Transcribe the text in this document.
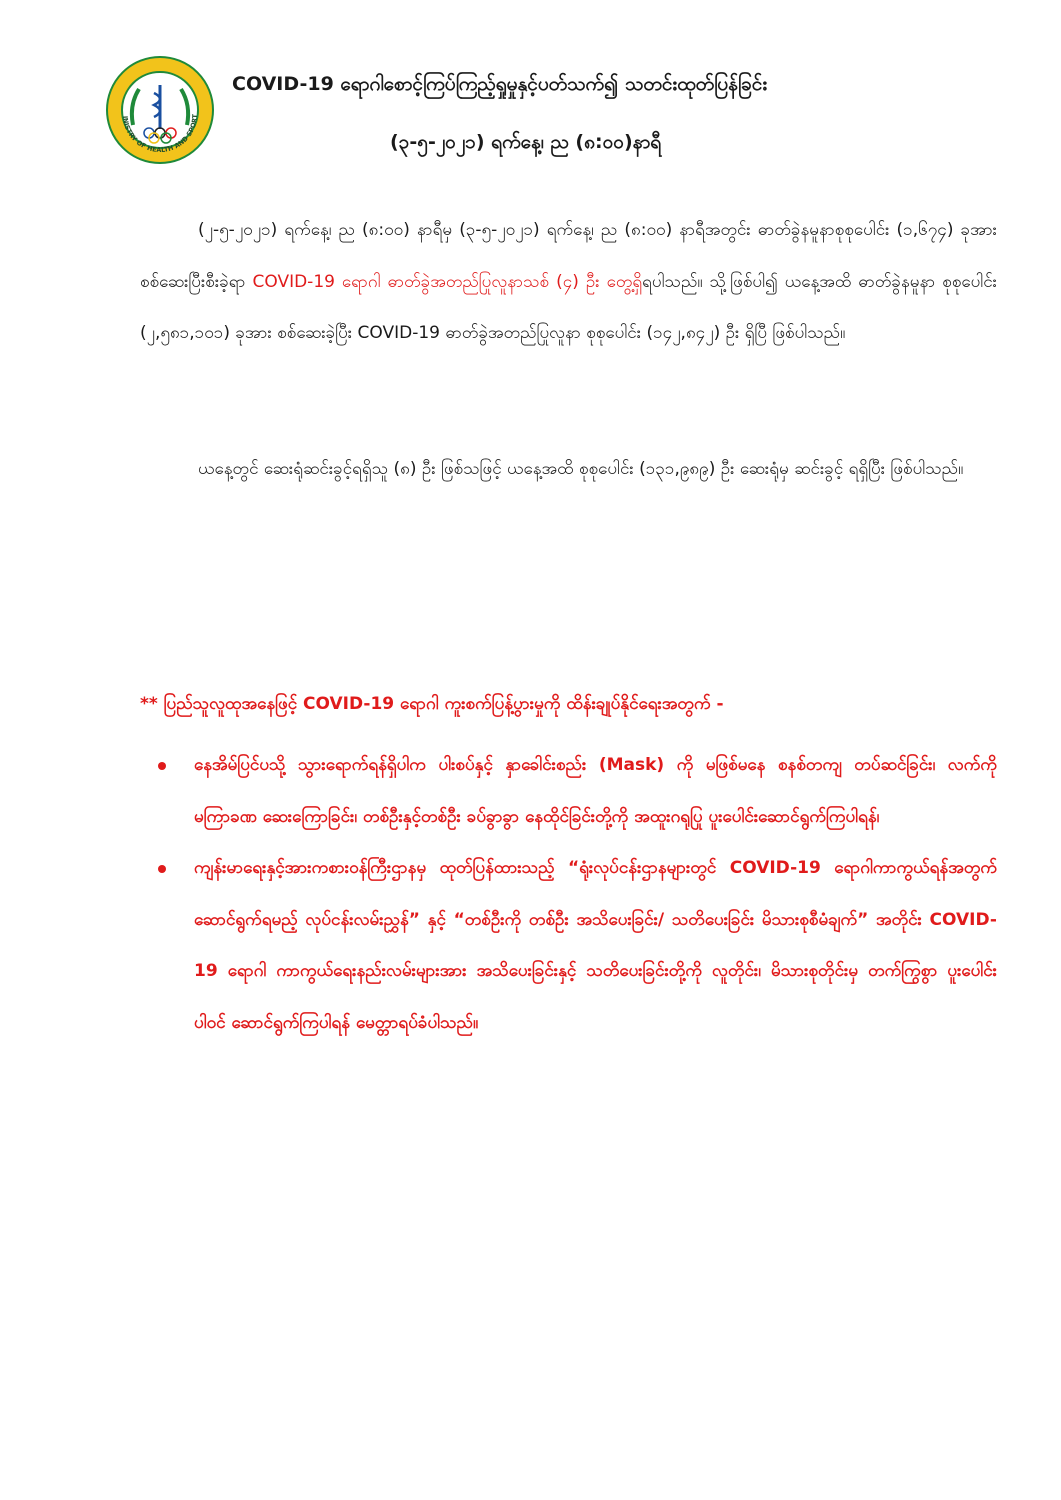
INISTRY OF HEALTH AND SPORT
COVID-19 ရောဂါစောင့်ကြပ်ကြည့်ရှုမှုနှင့်ပတ်သက်၍ သတင်းထုတ်ပြန်ခြင်း
(၃-၅-၂၀၂၁) ရက်နေ့၊ ည (၈:၀၀)နာရီ
(၂-၅-၂၀၂၁) ရက်နေ့၊ ည (၈:၀၀) နာရီမှ (၃-၅-၂၀၂၁) ရက်နေ့၊ ည (၈:၀၀) နာရီအတွင်း ဓာတ်ခွဲနမူနာစုစုပေါင်း (၁,၆၇၄) ခုအား စစ်ဆေးပြီးစီးခဲ့ရာ COVID-19 ရောဂါ ဓာတ်ခွဲအတည်ပြုလူနာသစ် (၄) ဦး တွေ့ရှိရပါသည်။ သို့ဖြစ်ပါ၍ ယနေ့အထိ ဓာတ်ခွဲနမူနာ စုစုပေါင်း (၂,၅၈၁,၁၀၁) ခုအား စစ်ဆေးခဲ့ပြီး COVID-19 ဓာတ်ခွဲအတည်ပြုလူနာ စုစုပေါင်း (၁၄၂,၈၄၂) ဦး ရှိပြီ ဖြစ်ပါသည်။
ယနေ့တွင် ဆေးရုံဆင်းခွင့်ရရှိသူ (၈) ဦး ဖြစ်သဖြင့် ယနေ့အထိ စုစုပေါင်း (၁၃၁,၉၈၉) ဦး ဆေးရုံမှ ဆင်းခွင့် ရရှိပြီး ဖြစ်ပါသည်။
** ပြည်သူလူထုအနေဖြင့် COVID-19 ရောဂါ ကူးစက်ပြန့်ပွားမှုကို ထိန်းချုပ်နိုင်ရေးအတွက် -
နေအိမ်ပြင်ပသို့ သွားရောက်ရန်ရှိပါက ပါးစပ်နှင့် နှာခေါင်းစည်း (Mask) ကို မဖြစ်မနေ စနစ်တကျ တပ်ဆင်ခြင်း၊ လက်ကို မကြာခဏ ဆေးကြောခြင်း၊ တစ်ဦးနှင့်တစ်ဦး ခပ်ခွာခွာ နေထိုင်ခြင်းတို့ကို အထူးဂရုပြု ပူးပေါင်းဆောင်ရွက်ကြပါရန်၊
ကျန်းမာရေးနှင့်အားကစားဝန်ကြီးဌာနမှ ထုတ်ပြန်ထားသည့် “ရုံးလုပ်ငန်းဌာနများတွင် COVID-19 ရောဂါကာကွယ်ရန်အတွက် ဆောင်ရွက်ရမည့် လုပ်ငန်းလမ်းညွှန်” နှင့် “တစ်ဦးကို တစ်ဦး အသိပေးခြင်း/ သတိပေးခြင်း မိသားစုစီမံချက်” အတိုင်း COVID-19 ရောဂါ ကာကွယ်ရေးနည်းလမ်းများအား အသိပေးခြင်းနှင့် သတိပေးခြင်းတို့ကို လူတိုင်း၊ မိသားစုတိုင်းမှ တက်ကြွစွာ ပူးပေါင်း ပါဝင် ဆောင်ရွက်ကြပါရန် မေတ္တာရပ်ခံပါသည်။
